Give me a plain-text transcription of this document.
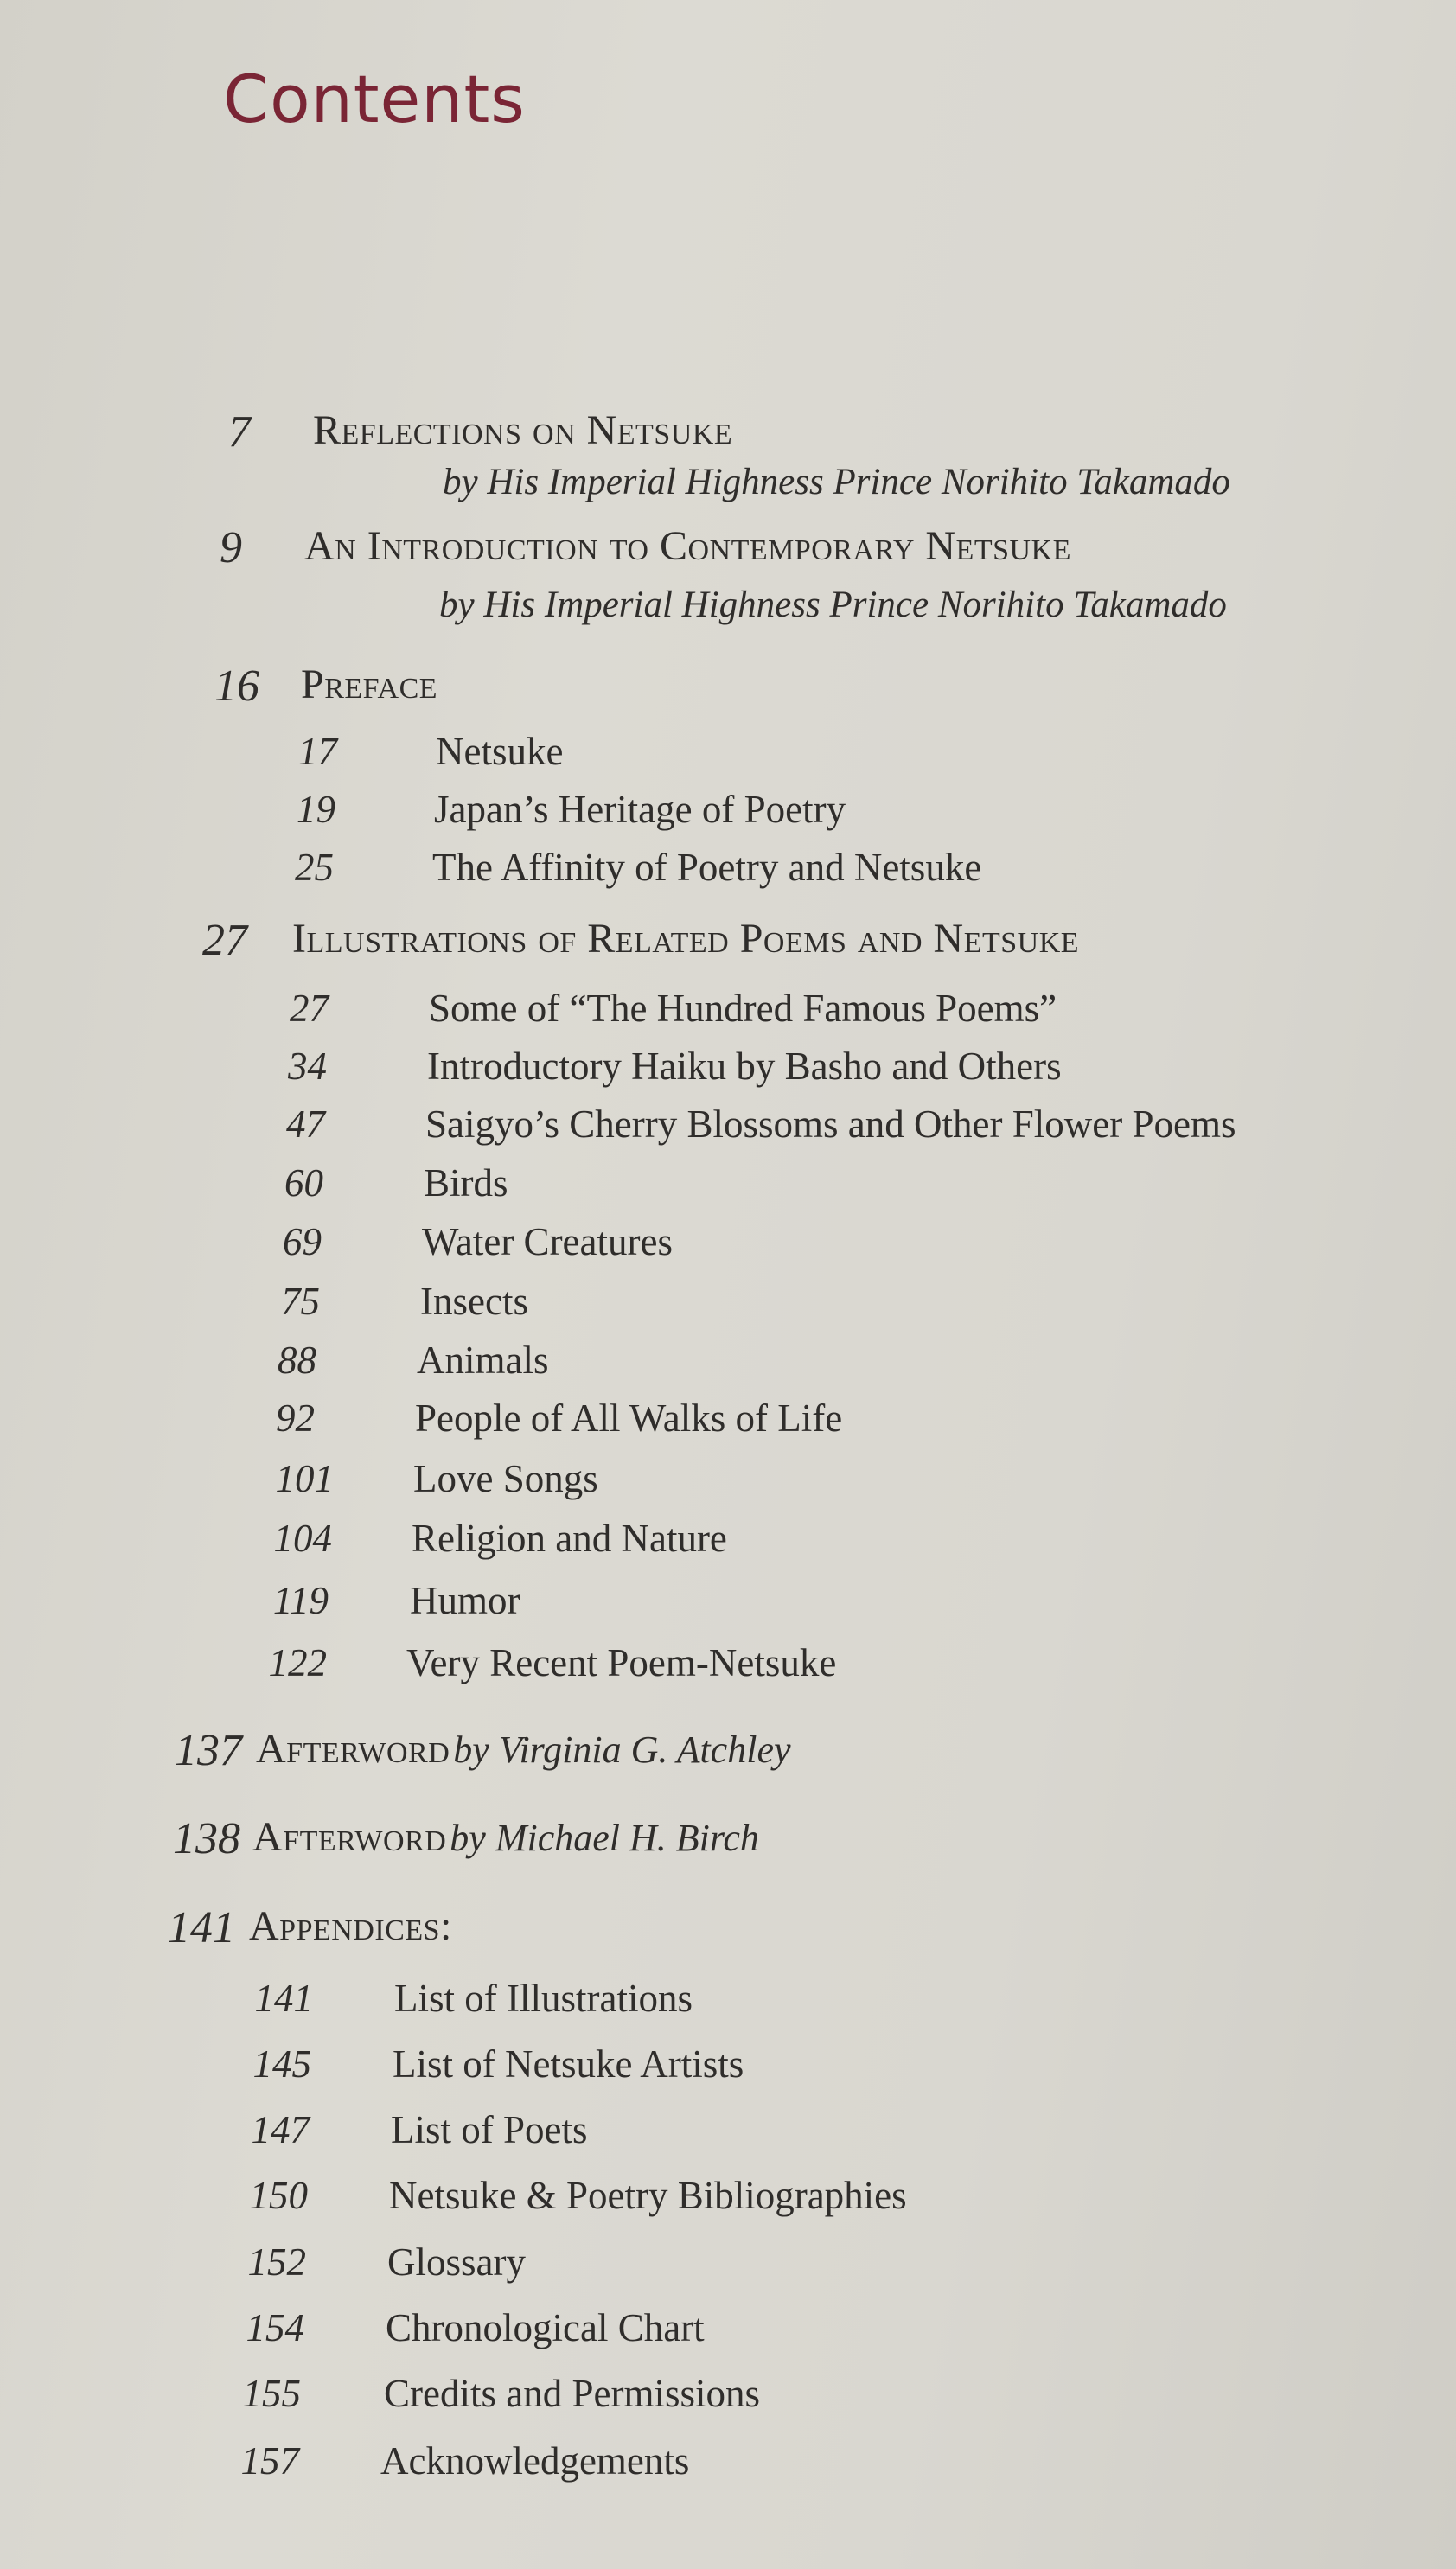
Contents
7 Reflections on Netsuke
by His Imperial Highness Prince Norihito Takamado
9 An Introduction to Contemporary Netsuke
by His Imperial Highness Prince Norihito Takamado
16 Preface
17	Netsuke
19	Japan’s Heritage of Poetry
25	The Affinity of Poetry and Netsuke
27 Illustrations of Related Poems and Netsuke
27	Some of “The Hundred Famous Poems”
34	Introductory Haiku by Basho and Others
47	Saigyo’s Cherry Blossoms and Other Flower Poems
60	Birds
69	Water Creatures
75	Insects
88	Animals
92	People of All Walks of Life
101 Love Songs
104 Religion and Nature
119 Humor
122 Very Recent Poem-Netsuke
137 Afterword by Virginia G. Atchley
138 Afterword by Michael H. Birch
141 Appendices:
141 List of Illustrations
145 List of Netsuke Artists
147 List of Poets
150 Netsuke & Poetry Bibliographies
152 Glossary
154 Chronological Chart
155 Credits and Permissions
157 Acknowledgements
